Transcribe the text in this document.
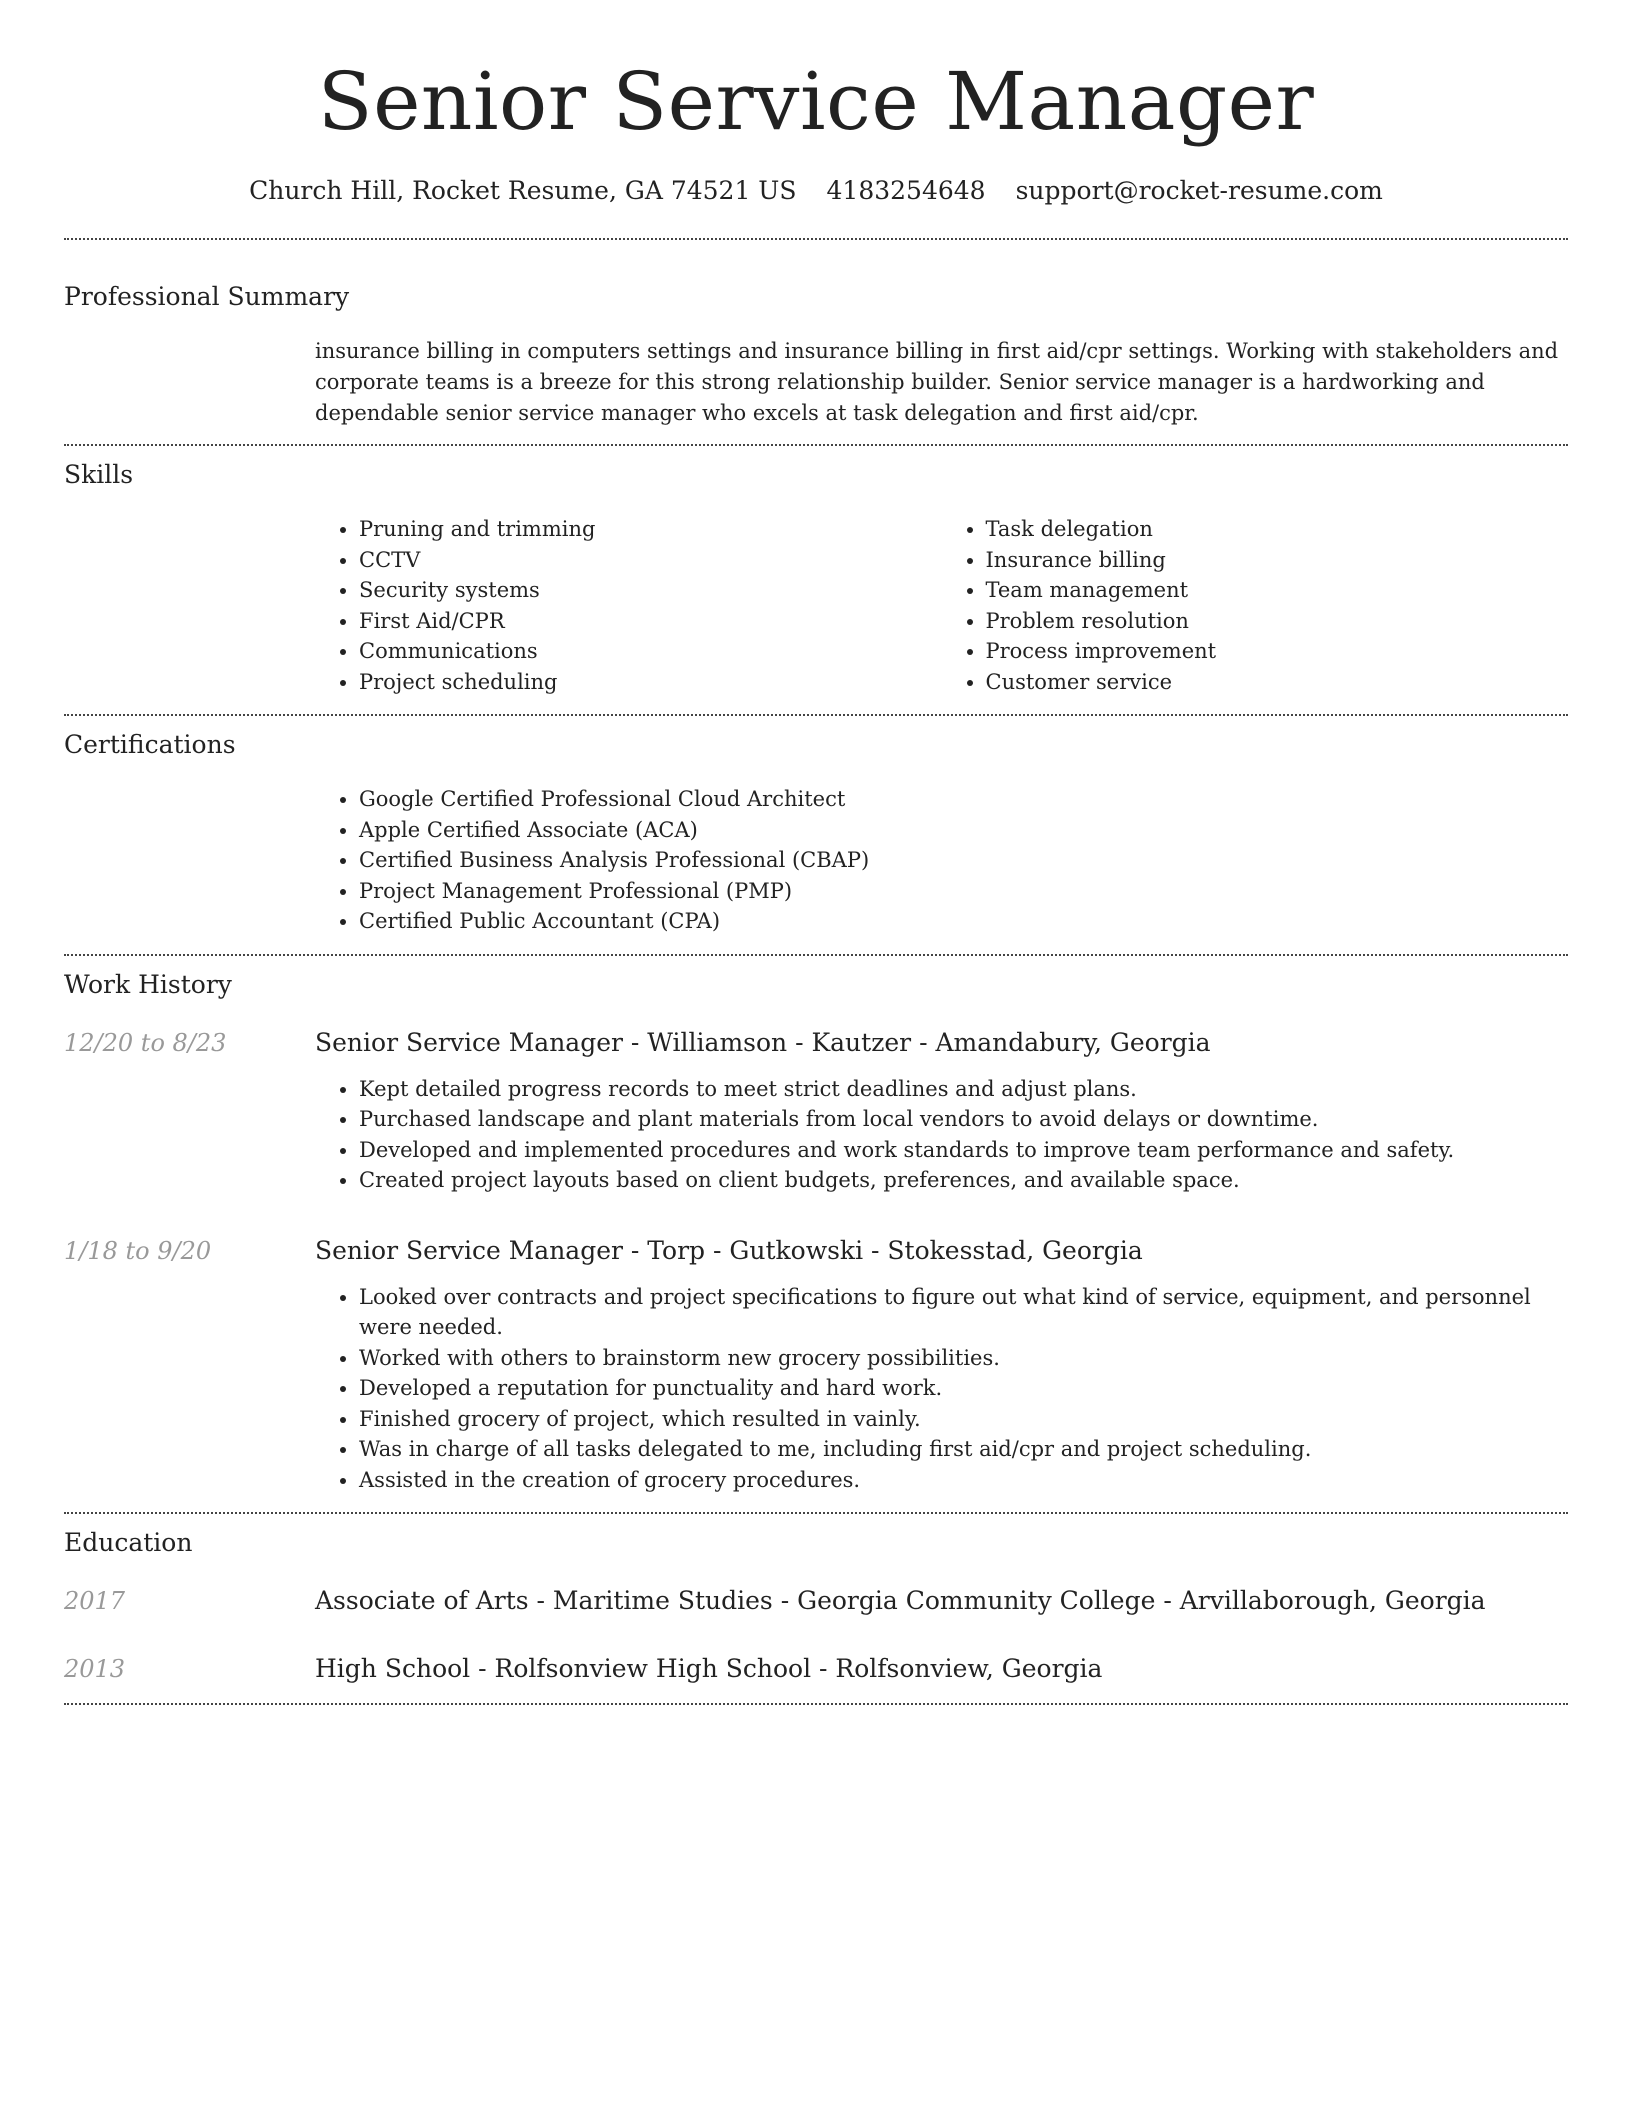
Senior Service Manager
Church Hill, Rocket Resume, GA 74521 US 4183254648 support@rocket-resume.com
Professional Summary

insurance billing in computers settings and insurance billing in first aid/cpr settings. Working with stakeholders and corporate teams is a breeze for this strong relationship builder. Senior service manager is a hardworking and dependable senior service manager who excels at task delegation and first aid/cpr.

Skills
• Pruning and trimming
• CCTV
• Security systems
• First Aid/CPR
• Communications
• Project scheduling
• Task delegation
• Insurance billing
• Team management
• Problem resolution
• Process improvement
• Customer service
Certifications
• Google Certified Professional Cloud Architect
• Apple Certified Associate (ACA)
• Certified Business Analysis Professional (CBAP)
• Project Management Professional (PMP)
• Certified Public Accountant (CPA)
Work History
12/20 to 8/23	Senior Service Manager - Williamson - Kautzer - Amandabury, Georgia
• Kept detailed progress records to meet strict deadlines and adjust plans.
• Purchased landscape and plant materials from local vendors to avoid delays or downtime.
• Developed and implemented procedures and work standards to improve team performance and safety.
• Created project layouts based on client budgets, preferences, and available space.
1/18 to 9/20	Senior Service Manager - Torp - Gutkowski - Stokesstad, Georgia
• Looked over contracts and project specifications to figure out what kind of service, equipment, and personnel were needed.
• Worked with others to brainstorm new grocery possibilities.
• Developed a reputation for punctuality and hard work.
• Finished grocery of project, which resulted in vainly.
• Was in charge of all tasks delegated to me, including first aid/cpr and project scheduling.
• Assisted in the creation of grocery procedures.
Education
2017	Associate of Arts - Maritime Studies - Georgia Community College - Arvillaborough, Georgia
2013	High School - Rolfsonview High School - Rolfsonview, Georgia
